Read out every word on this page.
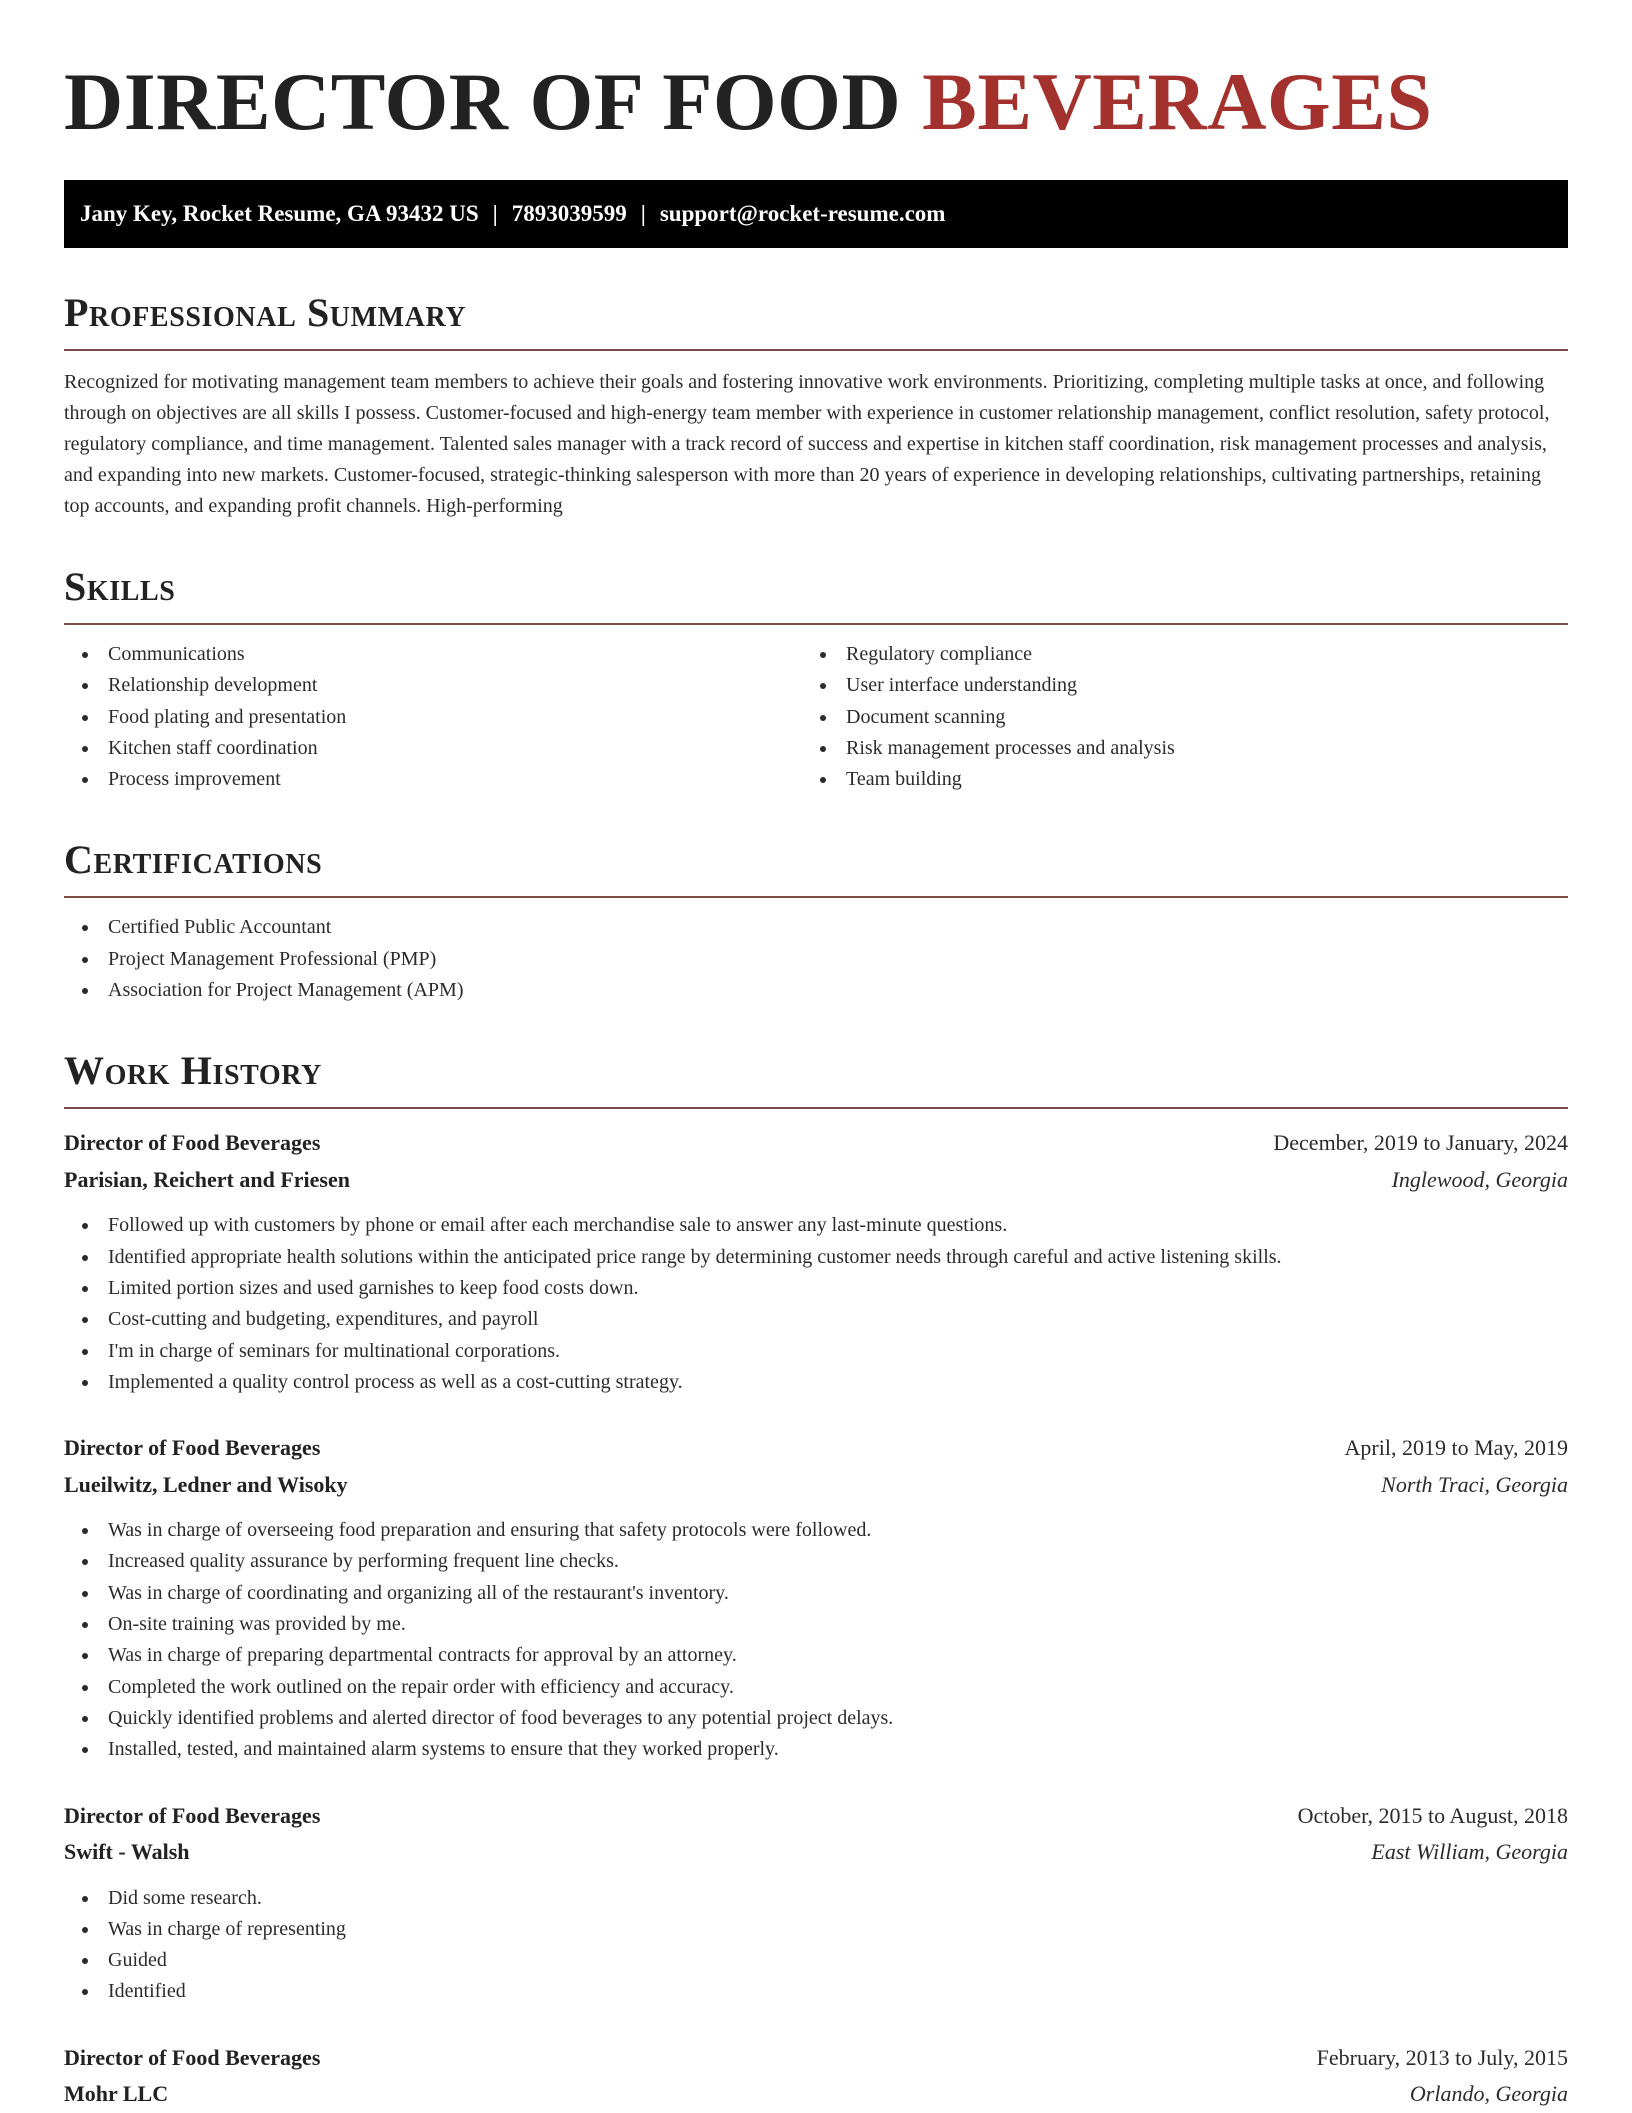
DIRECTOR OF FOOD BEVERAGES
Jany Key, Rocket Resume, GA 93432 US | 7893039599 | support@rocket-resume.com
Professional Summary

Recognized for motivating management team members to achieve their goals and fostering innovative work environments. Prioritizing, completing multiple tasks at once, and following through on objectives are all skills I possess. Customer-focused and high-energy team member with experience in customer relationship management, conflict resolution, safety protocol, regulatory compliance, and time management. Talented sales manager with a track record of success and expertise in kitchen staff coordination, risk management processes and analysis, and expanding into new markets. Customer-focused, strategic-thinking salesperson with more than 20 years of experience in developing relationships, cultivating partnerships, retaining top accounts, and expanding profit channels. High-performing

Skills
Communications
Relationship development
Food plating and presentation
Kitchen staff coordination
Process improvement
Regulatory compliance
User interface understanding
Document scanning
Risk management processes and analysis
Team building
Certifications
Certified Public Accountant
Project Management Professional (PMP)
Association for Project Management (APM)
Work History
Director of Food Beverages	December, 2019 to January, 2024
Parisian, Reichert and Friesen	Inglewood, Georgia
Followed up with customers by phone or email after each merchandise sale to answer any last-minute questions.
Identified appropriate health solutions within the anticipated price range by determining customer needs through careful and active listening skills.
Limited portion sizes and used garnishes to keep food costs down.
Cost-cutting and budgeting, expenditures, and payroll
I'm in charge of seminars for multinational corporations.
Implemented a quality control process as well as a cost-cutting strategy.
Director of Food Beverages	April, 2019 to May, 2019
Lueilwitz, Ledner and Wisoky	North Traci, Georgia
Was in charge of overseeing food preparation and ensuring that safety protocols were followed.
Increased quality assurance by performing frequent line checks.
Was in charge of coordinating and organizing all of the restaurant's inventory.
On-site training was provided by me.
Was in charge of preparing departmental contracts for approval by an attorney.
Completed the work outlined on the repair order with efficiency and accuracy.
Quickly identified problems and alerted director of food beverages to any potential project delays.
Installed, tested, and maintained alarm systems to ensure that they worked properly.
Director of Food Beverages	October, 2015 to August, 2018
Swift - Walsh	East William, Georgia
Did some research.
Was in charge of representing
Guided
Identified
Director of Food Beverages	February, 2013 to July, 2015
Mohr LLC	Orlando, Georgia
